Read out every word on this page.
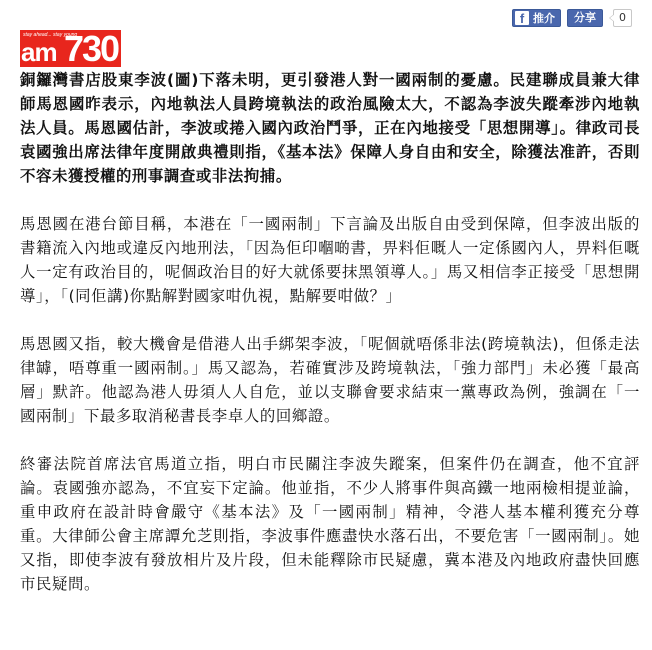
f 推介	分享	0
stay ahead... stay young
am 730

銅鑼灣書店股東李波(圖)下落未明，更引發港人對一國兩制的憂慮。民建聯成員兼大律師馬恩國昨表示，內地執法人員跨境執法的政治風險太大，不認為李波失蹤牽涉內地執法人員。馬恩國估計，李波或捲入國內政治鬥爭，正在內地接受「思想開導」。律政司長袁國強出席法律年度開啟典禮則指，《基本法》保障人身自由和安全，除獲法准許，否則不容未獲授權的刑事調查或非法拘捕。

馬恩國在港台節目稱，本港在「一國兩制」下言論及出版自由受到保障，但李波出版的書籍流入內地或違反內地刑法，「因為佢印嗰啲書，畀料佢嘅人一定係國內人，畀料佢嘅人一定有政治目的，呢個政治目的好大就係要抹黑領導人。」馬又相信李正接受「思想開導」，「(同佢講)你點解對國家咁仇視，點解要咁做？」

馬恩國又指，較大機會是借港人出手綁架李波，「呢個就唔係非法(跨境執法)，但係走法律罅，唔尊重一國兩制。」馬又認為，若確實涉及跨境執法，「強力部門」未必獲「最高層」默許。他認為港人毋須人人自危，並以支聯會要求結束一黨專政為例，強調在「一國兩制」下最多取消秘書長李卓人的回鄉證。

終審法院首席法官馬道立指，明白市民關注李波失蹤案，但案件仍在調查，他不宜評論。袁國強亦認為，不宜妄下定論。他並指，不少人將事件與高鐵一地兩檢相提並論，重申政府在設計時會嚴守《基本法》及「一國兩制」精神，令港人基本權利獲充分尊重。大律師公會主席譚允芝則指，李波事件應盡快水落石出，不要危害「一國兩制」。她又指，即使李波有發放相片及片段，但未能釋除市民疑慮，冀本港及內地政府盡快回應市民疑問。
